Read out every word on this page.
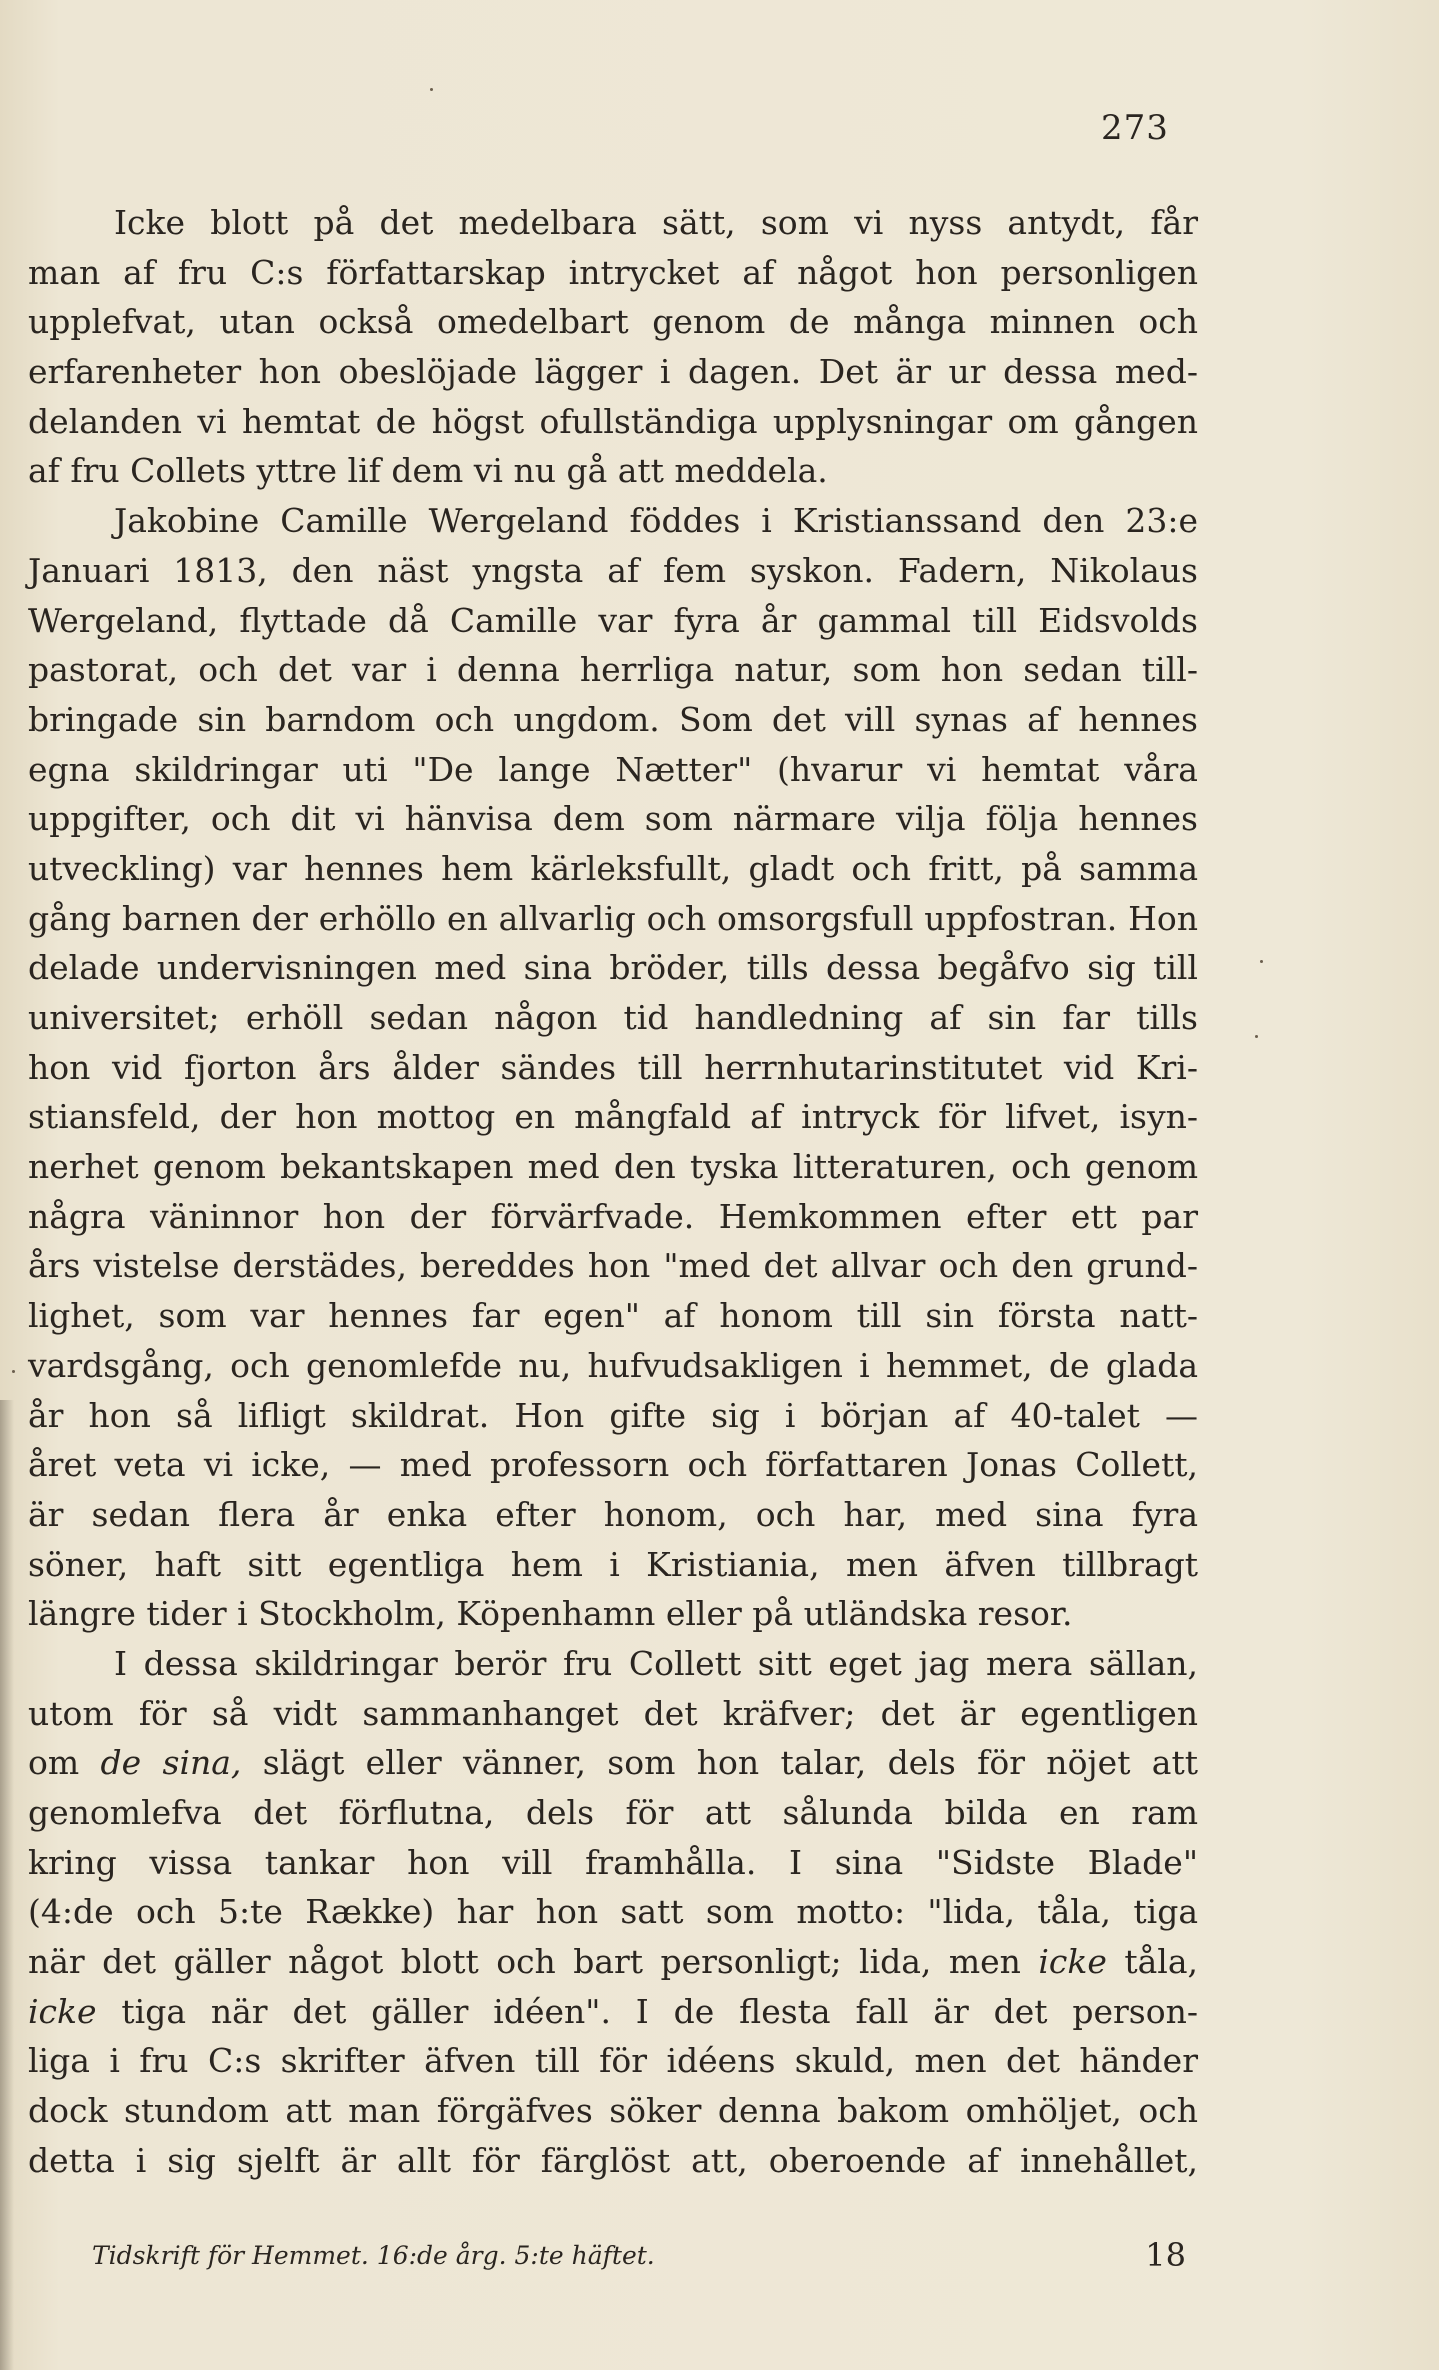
273
Icke blott på det medelbara sätt, som vi nyss antydt, får
man af fru C:s författarskap intrycket af något hon personligen
upplefvat, utan också omedelbart genom de många minnen och
erfarenheter hon obeslöjade lägger i dagen. Det är ur dessa med-
delanden vi hemtat de högst ofullständiga upplysningar om gången
af fru Collets yttre lif dem vi nu gå att meddela.
Jakobine Camille Wergeland föddes i Kristianssand den 23:e
Januari 1813, den näst yngsta af fem syskon. Fadern, Nikolaus
Wergeland, flyttade då Camille var fyra år gammal till Eidsvolds
pastorat, och det var i denna herrliga natur, som hon sedan till-
bringade sin barndom och ungdom. Som det vill synas af hennes
egna skildringar uti "De lange Nætter" (hvarur vi hemtat våra
uppgifter, och dit vi hänvisa dem som närmare vilja följa hennes
utveckling) var hennes hem kärleksfullt, gladt och fritt, på samma
gång barnen der erhöllo en allvarlig och omsorgsfull uppfostran. Hon
delade undervisningen med sina bröder, tills dessa begåfvo sig till
universitet; erhöll sedan någon tid handledning af sin far tills
hon vid fjorton års ålder sändes till herrnhutarinstitutet vid Kri-
stiansfeld, der hon mottog en mångfald af intryck för lifvet, isyn-
nerhet genom bekantskapen med den tyska litteraturen, och genom
några väninnor hon der förvärfvade. Hemkommen efter ett par
års vistelse derstädes, bereddes hon "med det allvar och den grund-
lighet, som var hennes far egen" af honom till sin första natt-
vardsgång, och genomlefde nu, hufvudsakligen i hemmet, de glada
år hon så lifligt skildrat. Hon gifte sig i början af 40-talet —
året veta vi icke, — med professorn och författaren Jonas Collett,
är sedan flera år enka efter honom, och har, med sina fyra
söner, haft sitt egentliga hem i Kristiania, men äfven tillbragt
längre tider i Stockholm, Köpenhamn eller på utländska resor.
I dessa skildringar berör fru Collett sitt eget jag mera sällan,
utom för så vidt sammanhanget det kräfver; det är egentligen
om de sina, slägt eller vänner, som hon talar, dels för nöjet att
genomlefva det förflutna, dels för att sålunda bilda en ram
kring vissa tankar hon vill framhålla. I sina "Sidste Blade"
(4:de och 5:te Række) har hon satt som motto: "lida, tåla, tiga
när det gäller något blott och bart personligt; lida, men icke tåla,
icke tiga när det gäller idéen". I de flesta fall är det person-
liga i fru C:s skrifter äfven till för idéens skuld, men det händer
dock stundom att man förgäfves söker denna bakom omhöljet, och
detta i sig sjelft är allt för färglöst att, oberoende af innehållet,
Tidskrift för Hemmet. 16:de årg. 5:te häftet.	18
